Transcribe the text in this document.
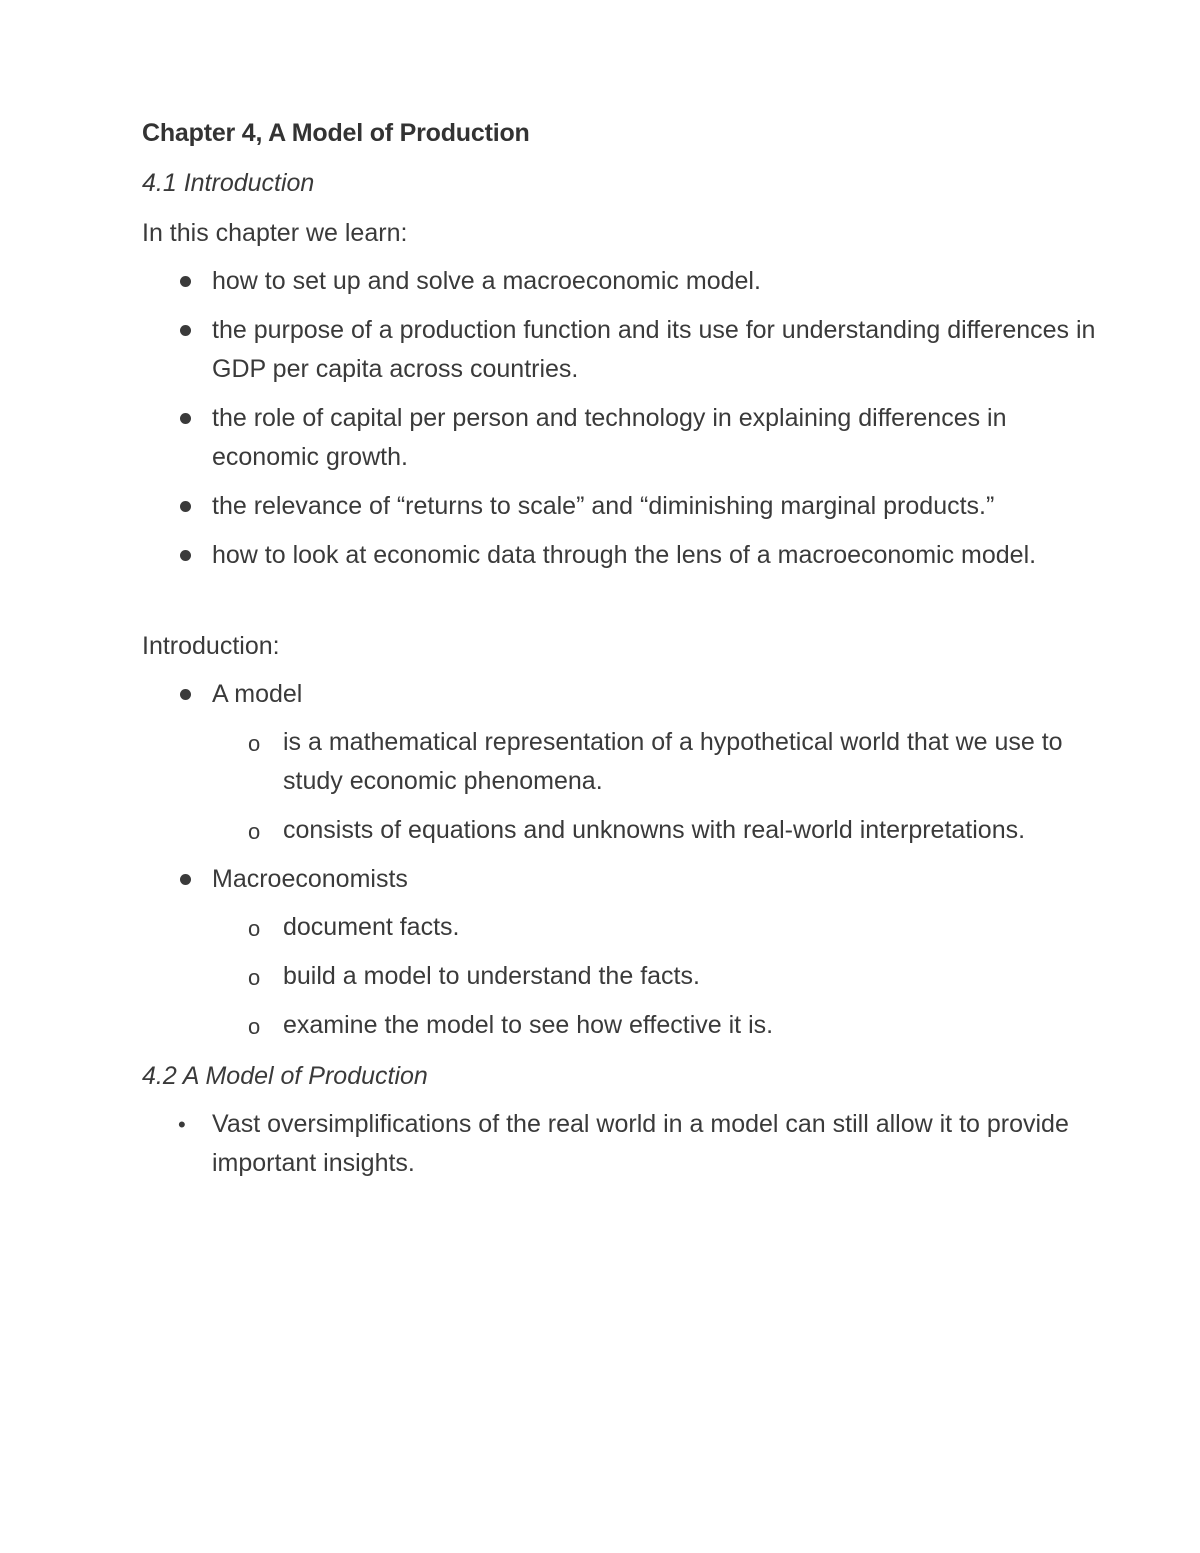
Chapter 4, A Model of Production
4.1 Introduction
In this chapter we learn:
how to set up and solve a macroeconomic model.
the purpose of a production function and its use for understanding differences in GDP per capita across countries.
the role of capital per person and technology in explaining differences in economic growth.
the relevance of “returns to scale” and “diminishing marginal products.”
how to look at economic data through the lens of a macroeconomic model.
Introduction:
A model
o is a mathematical representation of a hypothetical world that we use to study economic phenomena.
o consists of equations and unknowns with real-world interpretations.
Macroeconomists
o document facts.
o build a model to understand the facts.
o examine the model to see how effective it is.
4.2 A Model of Production
• Vast oversimplifications of the real world in a model can still allow it to provide important insights.
